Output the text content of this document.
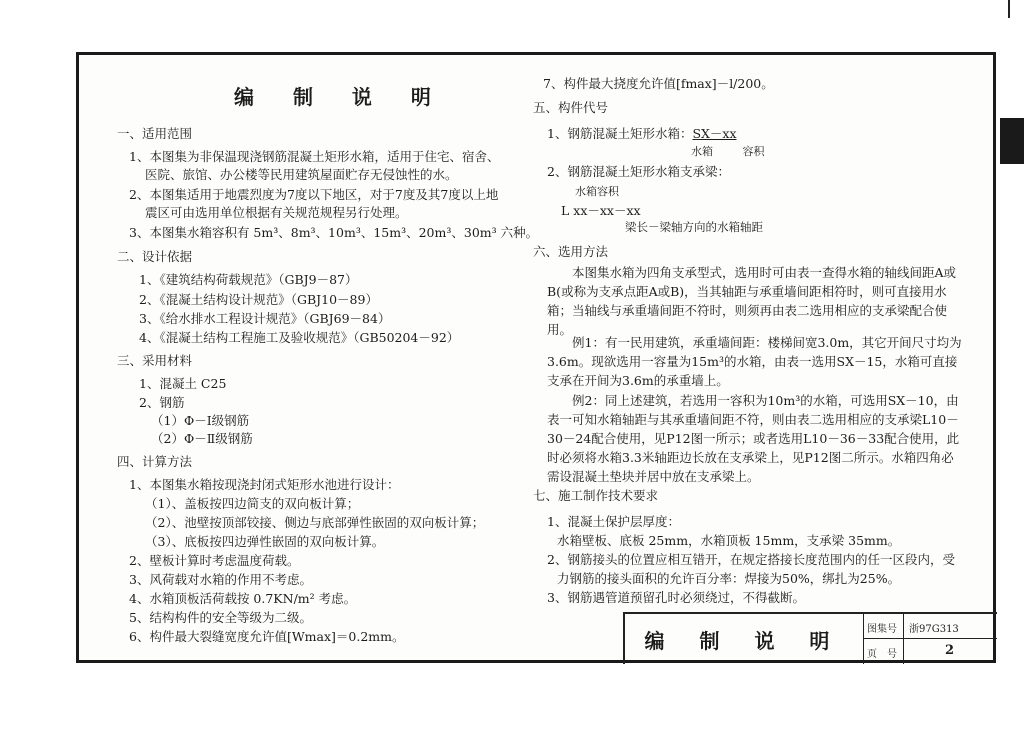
编 制 说 明
一、适用范围
1、本图集为非保温现浇钢筋混凝土矩形水箱，适用于住宅、宿舍、
医院、旅馆、办公楼等民用建筑屋面贮存无侵蚀性的水。
2、本图集适用于地震烈度为7度以下地区，对于7度及其7度以上地
震区可由选用单位根据有关规范规程另行处理。
3、本图集水箱容积有 5m³、8m³、10m³、15m³、20m³、30m³ 六种。
二、设计依据
1、《建筑结构荷载规范》（GBJ9－87）
2、《混凝土结构设计规范》（GBJ10－89）
3、《给水排水工程设计规范》（GBJ69－84）
4、《混凝土结构工程施工及验收规范》（GB50204－92）
三、采用材料
1、混凝土 C25
2、钢筋
（1）Φ－Ⅰ级钢筋
（2）Φ－Ⅱ级钢筋
四、计算方法
1、本图集水箱按现浇封闭式矩形水池进行设计：
（1）、盖板按四边简支的双向板计算；
（2）、池壁按顶部铰接、侧边与底部弹性嵌固的双向板计算；
（3）、底板按四边弹性嵌固的双向板计算。
2、壁板计算时考虑温度荷载。
3、风荷载对水箱的作用不考虑。
4、水箱顶板活荷载按 0.7KN/m² 考虑。
5、结构构件的安全等级为二级。
6、构件最大裂缝宽度允许值[Wmax]＝0.2mm。
7、构件最大挠度允许值[fmax]－l/200。
五、构件代号
1、钢筋混凝土矩形水箱：SX－xx
水箱	容积
2、钢筋混凝土矩形水箱支承梁：
水箱容积
L xx－xx－xx
梁长－梁轴方向的水箱轴距
六、选用方法
本图集水箱为四角支承型式，选用时可由表一查得水箱的轴线间距A或B(或称为支承点距A或B)，当其轴距与承重墙间距相符时，则可直接用水箱；当轴线与承重墙间距不符时，则须再由表二选用相应的支承梁配合使用。
例1：有一民用建筑，承重墙间距：楼梯间宽3.0m，其它开间尺寸均为3.6m。现欲选用一容量为15m³的水箱，由表一选用SX－15，水箱可直接支承在开间为3.6m的承重墙上。
例2：同上述建筑，若选用一容积为10m³的水箱，可选用SX－10，由表一可知水箱轴距与其承重墙间距不符，则由表二选用相应的支承梁L10－30－24配合使用，见P12图一所示；或者选用L10－36－33配合使用，此时必须将水箱3.3米轴距边长放在支承梁上，见P12图二所示。水箱四角必需设混凝土垫块并居中放在支承梁上。
七、施工制作技术要求
1、混凝土保护层厚度：
水箱壁板、底板 25mm，水箱顶板 15mm，支承梁 35mm。
2、钢筋接头的位置应相互错开，在规定搭接长度范围内的任一区段内，受
力钢筋的接头面积的允许百分率：焊接为50%，绑扎为25%。
3、钢筋遇管道预留孔时必须绕过，不得截断。
编 制 说 明	图集号 浙97G313
页　号	2
